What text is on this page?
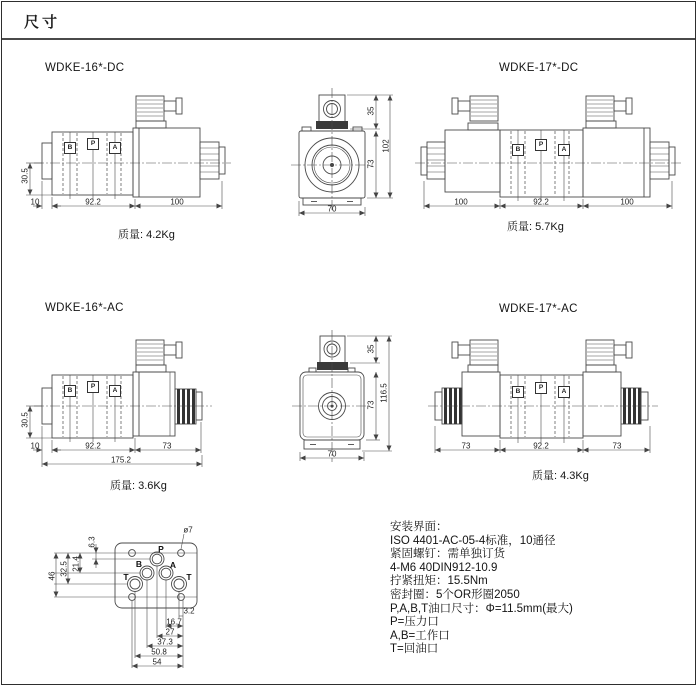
尺寸
WDKE-16*-DC	WDKE-17*-DC
WDKE-16*-AC	WDKE-17*-AC
质量: 4.2Kg
质量: 5.7Kg
质量: 3.6Kg
质量: 4.3Kg
B
P
A	B
P
A
B
P
A	B
P
A
30.5
10	92.2	100
35
73
102
70
100	92.2	100
30.5
10	92.2	73
175.2
35
73
116.5
70
73	92.2	73
ø7
6.3
21.4
32.5
46
3.2
16.7
27
37.3
50.8
54
P
B	A
T	T
安装界面：
ISO 4401-AC-05-4标准，10通径
紧固螺钉：需单独订货
4-M6 40DIN912-10.9
拧紧扭矩：15.5Nm
密封圈：5个OR形圈2050
P,A,B,T油口尺寸：Φ=11.5mm(最大)
P=压力口
A,B=工作口
T=回油口
